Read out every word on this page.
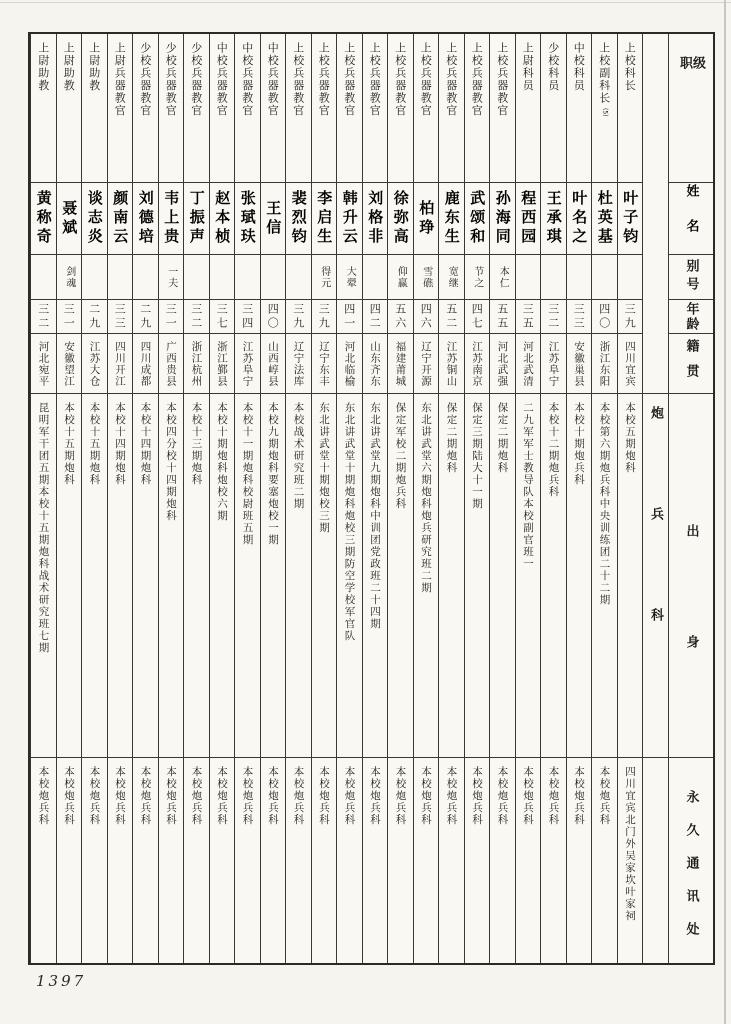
级职
姓名
别号
年龄
籍贯
出身
永久通讯处
炮兵科
上校科长
叶子钧
三九
四川宜宾
本校五期炮科
四川宜宾北门外吴家坎叶家祠
上校副科长
(5)
杜英基
四〇
浙江东阳
本校第六期炮兵科中央训练团二十二期
本校炮兵科
中校科员
叶名之
三三
安徽巢县
本校十期炮兵科
本校炮兵科
少校科员
王承琪
三二
江苏阜宁
本校十二期炮兵科
本校炮兵科
上尉科员
程西园
三五
河北武清
二九军军士教导队本校副官班一
本校炮兵科
上校兵器教官
孙海同
本仁
五五
河北武强
保定二期炮科
本校炮兵科
上校兵器教官
武颂和
节之
四七
江苏南京
保定三期陆大十一期
本校炮兵科
上校兵器教官
鹿东生
宽继
五二
江苏铜山
保定二期炮科
本校炮兵科
上校兵器教官
柏琤
雪礁
四六
辽宁开源
东北讲武堂六期炮科炮兵研究班二期
本校炮兵科
上校兵器教官
徐弥高
仰赢
五六
福建莆城
保定军校二期炮兵科
本校炮兵科
上校兵器教官
刘格非
四二
山东齐东
东北讲武堂九期炮科中训团党政班二十四期
本校炮兵科
上校兵器教官
韩升云
大翚
四一
河北临榆
东北讲武堂十期炮科炮校三期防空学校军官队
本校炮兵科
上校兵器教官
李启生
得元
三九
辽宁东丰
东北讲武堂十期炮校三期
本校炮兵科
上校兵器教官
裴烈钧
三九
辽宁法库
本校战术研究班二期
本校炮兵科
中校兵器教官
王信
四〇
山西崞县
本校九期炮科要塞炮校一期
本校炮兵科
中校兵器教官
张珷玞
三四
江苏阜宁
本校十一期炮科校尉班五期
本校炮兵科
中校兵器教官
赵本桢
三七
浙江鄞县
本校十期炮科炮校六期
本校炮兵科
少校兵器教官
丁振声
三二
浙江杭州
本校十三期炮科
本校炮兵科
少校兵器教官
韦上贵
一夫
三一
广西贵县
本校四分校十四期炮科
本校炮兵科
少校兵器教官
刘德培
二九
四川成都
本校十四期炮科
本校炮兵科
上尉兵器教官
颜南云
三三
四川开江
本校十四期炮科
本校炮兵科
上尉助教
谈志炎
二九
江苏大仓
本校十五期炮科
本校炮兵科
上尉助教
聂斌
剑魂
三一
安徽望江
本校十五期炮科
本校炮兵科
上尉助教
黄称奇
三二
河北宛平
昆明军干团五期本校十五期炮科战术研究班七期
本校炮兵科
1397
